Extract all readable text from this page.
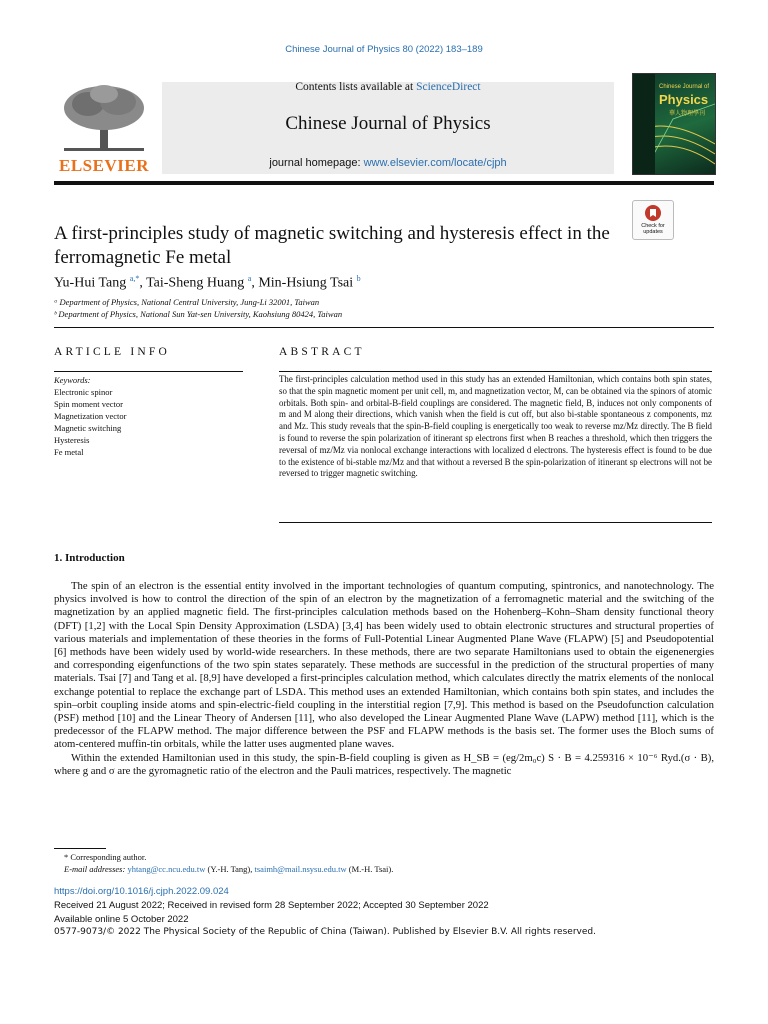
Chinese Journal of Physics 80 (2022) 183–189
ELSEVIER
Contents lists available at ScienceDirect
Chinese Journal of Physics
journal homepage: www.elsevier.com/locate/cjph
Chinese Journal of
Physics
華人物理學刊
Check for updates
A first-principles study of magnetic switching and hysteresis effect in the ferromagnetic Fe metal
Yu-Hui Tang $^{a,*}$, Tai-Sheng Huang $^a$, Min-Hsiung Tsai $^b$
ᵃ Department of Physics, National Central University, Jung-Li 32001, Taiwan
ᵇ Department of Physics, National Sun Yat-sen University, Kaohsiung 80424, Taiwan
ARTICLE INFO
Keywords:
Electronic spinor
Spin moment vector
Magnetization vector
Magnetic switching
Hysteresis
Fe metal
ABSTRACT
The first-principles calculation method used in this study has an extended Hamiltonian, which contains both spin states, so that the spin magnetic moment per unit cell, m, and magnetization vector, M, can be obtained via the spinors of atomic orbitals. Both spin- and orbital-B-field couplings are considered. The magnetic field, B, induces not only components of m and M along their directions, which vanish when the field is cut off, but also bi-stable spontaneous z components, mz and Mz. This study reveals that the spin-B-field coupling is energetically too weak to reverse mz/Mz directly. The B field is found to reverse the spin polarization of itinerant sp electrons first when B reaches a threshold, which then triggers the reversal of mz/Mz via nonlocal exchange interactions with localized d electrons. The hysteresis effect is found to be due to the existence of bi-stable mz/Mz and that without a reversed B the spin-polarization of itinerant sp electrons will not be reversed to trigger magnetic switching.
1. Introduction

The spin of an electron is the essential entity involved in the important technologies of quantum computing, spintronics, and nanotechnology. The physics involved is how to control the direction of the spin of an electron by the magnetization of a ferromagnetic material and the switching of the magnetization by an applied magnetic field. The first-principles calculation methods based on the Hohenberg–Kohn–Sham density functional theory (DFT) [1,2] with the Local Spin Density Approximation (LSDA) [3,4] has been widely used to obtain electronic structures and structural properties of various materials and implementation of these theories in the forms of Full-Potential Linear Augmented Plane Wave (FLAPW) [5] and Pseudopotential [6] methods have been widely used by world-wide researchers. In these methods, there are two separate Hamiltonians used to obtain the eigenenergies and corresponding eigenfunctions of the two spin states separately. These methods are successful in the prediction of the structural properties of many materials. Tsai [7] and Tang et al. [8,9] have developed a first-principles calculation method, which calculates directly the matrix elements of the nonlocal exchange potential to replace the exchange part of LSDA. This method uses an extended Hamiltonian, which contains both spin states, and includes the spin–orbit coupling inside atoms and spin-electric-field coupling in the interstitial region [7,9]. This method is based on the Pseudofunction calculation (PSF) method [10] and the Linear Theory of Andersen [11], who also developed the Linear Augmented Plane Wave (LAPW) method [11], which is the predecessor of the FLAPW method. The major difference between the PSF and FLAPW methods is the basis set. The former uses the Bloch sums of atom-centered muffin-tin orbitals, while the latter uses augmented plane waves.

Within the extended Hamiltonian used in this study, the spin-B-field coupling is given as H_SB = (eg/2m₀c) S · B = 4.259316 × 10⁻⁶ Ryd.(σ · B), where g and σ are the gyromagnetic ratio of the electron and the Pauli matrices, respectively. The magnetic

* Corresponding author.
E-mail addresses: yhtang@cc.ncu.edu.tw (Y.-H. Tang), tsaimh@mail.nsysu.edu.tw (M.-H. Tsai).
https://doi.org/10.1016/j.cjph.2022.09.024
Received 21 August 2022; Received in revised form 28 September 2022; Accepted 30 September 2022
Available online 5 October 2022
0577-9073/© 2022 The Physical Society of the Republic of China (Taiwan). Published by Elsevier B.V. All rights reserved.
